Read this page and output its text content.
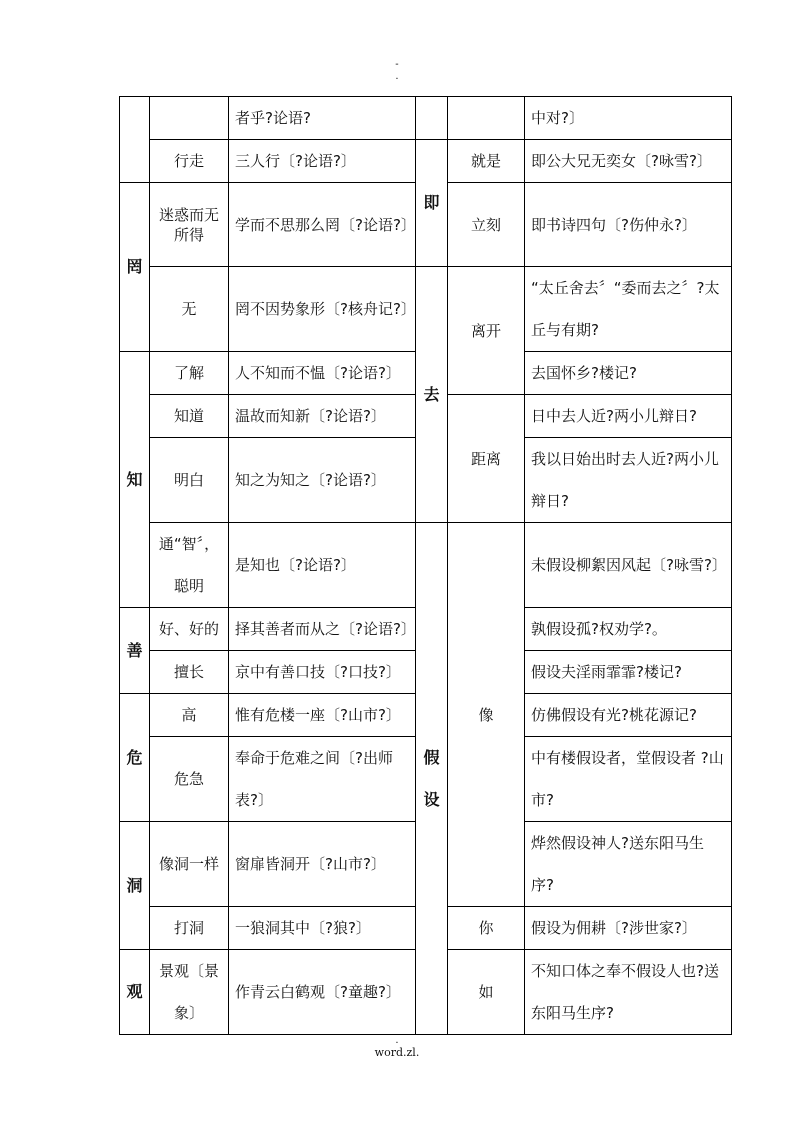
-
.
		者乎?论语?			中对?〕
	行走	三人行〔?论语?〕	即	就是	即公大兄无奕女〔?咏雪?〕
罔	迷惑而无所得	学而不思那么罔〔?论语?〕		立刻	即书诗四句〔?伤仲永?〕
	无	罔不因势象形〔?核舟记?〕	去	离开	“太丘舍去〞“委而去之〞?太丘与有期?
知	了解	人不知而不愠〔?论语?〕			去国怀乡?楼记?
	知道	温故而知新〔?论语?〕		距离	日中去人近?两小儿辩日?
	明白	知之为知之〔?论语?〕			我以日始出时去人近?两小儿辩日?
	通“智〞，聪明	是知也〔?论语?〕	假设	像	未假设柳絮因风起〔?咏雪?〕
善	好、好的	择其善者而从之〔?论语?〕			孰假设孤?权劝学?。
	擅长	京中有善口技〔?口技?〕			假设夫淫雨霏霏?楼记?
危	高	惟有危楼一座〔?山市?〕			仿佛假设有光?桃花源记?
	危急	奉命于危难之间〔?出师表?〕			中有楼假设者，堂假设者 ?山市?
洞	像洞一样	窗扉皆洞开〔?山市?〕			烨然假设神人?送东阳马生序?
	打洞	一狼洞其中〔?狼?〕		你	假设为佣耕〔?涉世家?〕
观	景观〔景象〕	作青云白鹤观〔?童趣?〕		如	不知口体之奉不假设人也?送东阳马生序?
.
word.zl.
